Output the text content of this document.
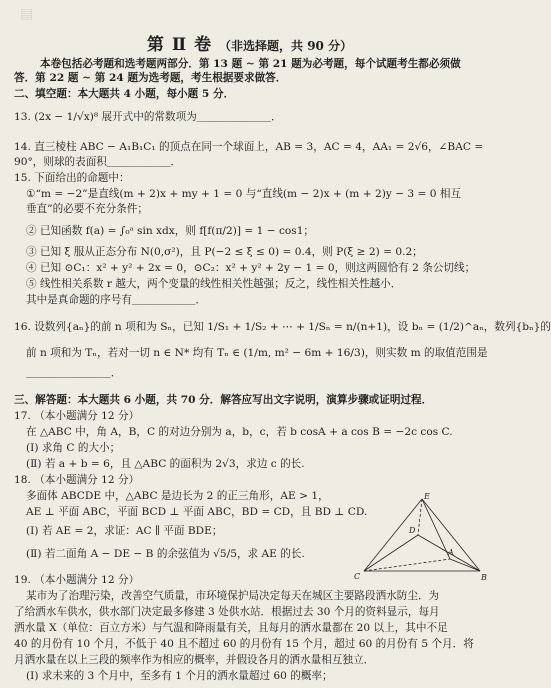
▤
第 Ⅱ 卷 （非选择题，共 90 分）
本卷包括必考题和选考题两部分．第 13 题 ~ 第 21 题为必考题，每个试题考生都必须做
答．第 22 题 ~ 第 24 题为选考题，考生根据要求做答．
二、填空题：本大题共 4 小题，每小题 5 分．
13. (2x − 1/√x)⁸ 展开式中的常数项为＿＿＿＿＿＿＿．
14. 直三棱柱 ABC − A₁B₁C₁ 的顶点在同一个球面上，AB = 3，AC = 4，AA₁ = 2√6，∠BAC =
90°，则球的表面积＿＿＿＿＿＿．
15. 下面给出的命题中：
①“m = −2”是直线(m + 2)x + my + 1 = 0 与“直线(m − 2)x + (m + 2)y − 3 = 0 相互
垂直”的必要不充分条件；
② 已知函数 f(a) = ∫₀ᵃ sin xdx，则 f[f(π/2)] = 1 − cos1；
③ 已知 ξ 服从正态分布 N(0,σ²)，且 P(−2 ≤ ξ ≤ 0) = 0.4，则 P(ξ ≥ 2) = 0.2；
④ 已知 ⊙C₁：x² + y² + 2x = 0，⊙C₂：x² + y² + 2y − 1 = 0，则这两圆恰有 2 条公切线；
⑤ 线性相关系数 r 越大，两个变量的线性相关性越强；反之，线性相关性越小．
其中是真命题的序号有＿＿＿＿＿＿．
16. 设数列{aₙ}的前 n 项和为 Sₙ，已知 1/S₁ + 1/S₂ + ⋯ + 1/Sₙ = n/(n+1)，设 bₙ = (1/2)^aₙ，数列{bₙ}的
前 n 项和为 Tₙ，若对一切 n ∈ N* 均有 Tₙ ∈ (1/m, m² − 6m + 16/3)，则实数 m 的取值范围是
＿＿＿＿＿＿＿＿．
三、解答题：本大题共 6 小题，共 70 分．解答应写出文字说明，演算步骤或证明过程．
17. （本小题满分 12 分）
在 △ABC 中，角 A，B，C 的对边分别为 a，b，c，若 b cosA + a cos B = −2c cos C.
(Ⅰ) 求角 C 的大小；
(Ⅱ) 若 a + b = 6，且 △ABC 的面积为 2√3，求边 c 的长.
18. （本小题满分 12 分）
多面体 ABCDE 中，△ABC 是边长为 2 的正三角形，AE > 1，
AE ⊥ 平面 ABC，平面 BCD ⊥ 平面 ABC，BD = CD，且 BD ⊥ CD.
(Ⅰ) 若 AE = 2，求证：AC ∥ 平面 BDE；
(Ⅱ) 若二面角 A − DE − B 的余弦值为 √5/5，求 AE 的长.
E
D
A
C	B
19. （本小题满分 12 分）
某市为了治理污染，改善空气质量，市环境保护局决定每天在城区主要路段洒水防尘．为
了给洒水车供水，供水部门决定最多修建 3 处供水站．根据过去 30 个月的资料显示，每月
洒水量 X（单位：百立方米）与气温和降雨量有关，且每月的洒水量都在 20 以上，其中不足
40 的月份有 10 个月，不低于 40 且不超过 60 的月份有 15 个月，超过 60 的月份有 5 个月．将
月洒水量在以上三段的频率作为相应的概率，并假设各月的洒水量相互独立．
(Ⅰ) 求未来的 3 个月中，至多有 1 个月的洒水量超过 60 的概率；
